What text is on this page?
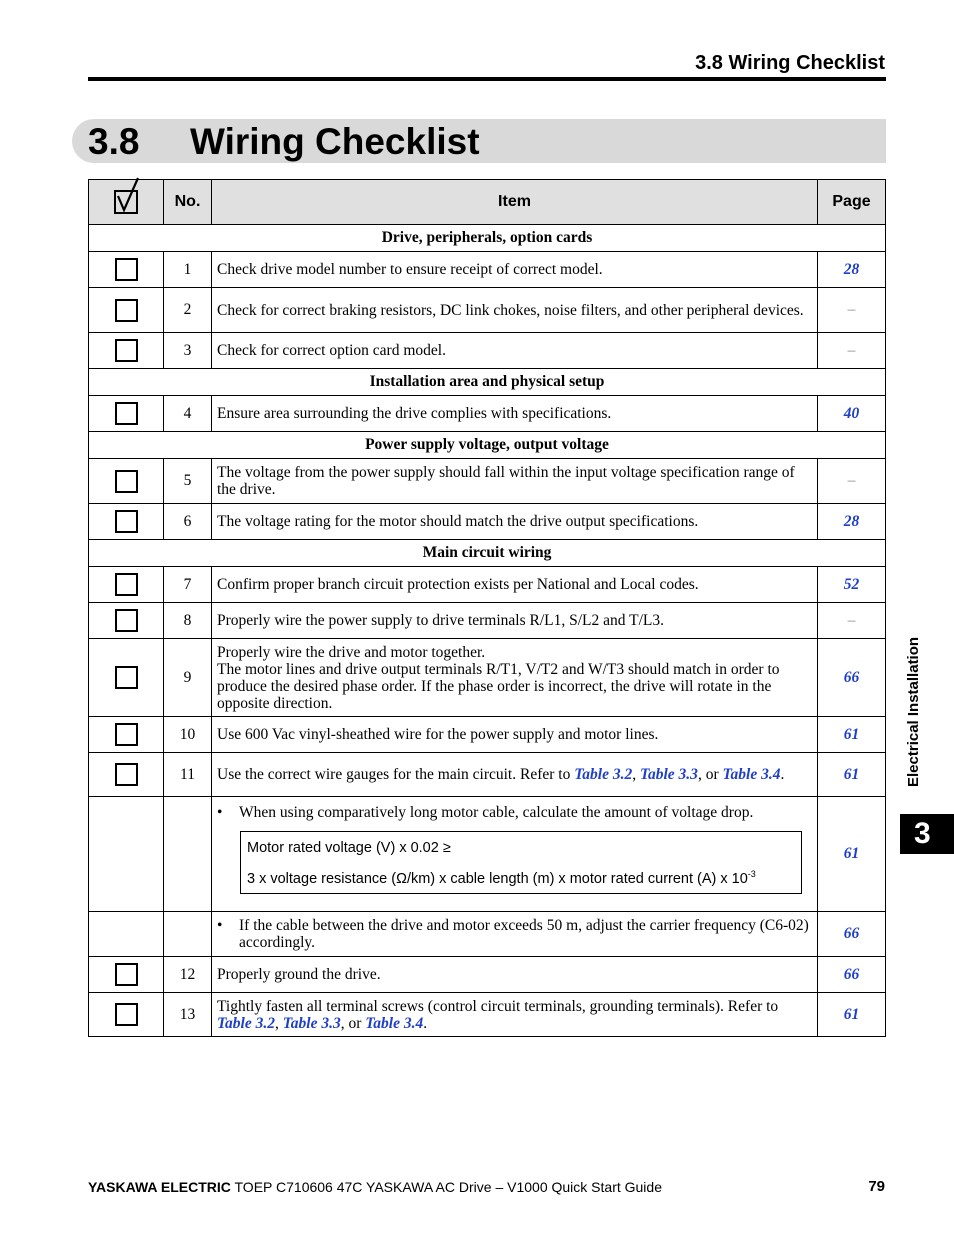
3.8 Wiring Checklist
3.8 Wiring Checklist
	No.	Item	Page
Drive, peripherals, option cards			
	1	Check drive model number to ensure receipt of correct model.	28
	2	Check for correct braking resistors, DC link chokes, noise filters, and other peripheral devices.	–
	3	Check for correct option card model.	–
Installation area and physical setup			
	4	Ensure area surrounding the drive complies with specifications.	40
Power supply voltage, output voltage			
	5	The voltage from the power supply should fall within the input voltage specification range of the drive.	–
	6	The voltage rating for the motor should match the drive output specifications.	28
Main circuit wiring			
	7	Confirm proper branch circuit protection exists per National and Local codes.	52
	8	Properly wire the power supply to drive terminals R/L1, S/L2 and T/L3.	–
	9	Properly wire the drive and motor together.
The motor lines and drive output terminals R/T1, V/T2 and W/T3 should match in order to produce the desired phase order. If the phase order is incorrect, the drive will rotate in the opposite direction.	66
	10	Use 600 Vac vinyl-sheathed wire for the power supply and motor lines.	61
	11	Use the correct wire gauges for the main circuit. Refer to Table 3.2, Table 3.3, or Table 3.4.	61

		• When using comparatively long motor cable, calculate the amount of voltage drop.
Motor rated voltage (V) x 0.02 ≥
3 x voltage resistance (Ω/km) x cable length (m) x motor rated current (A) x $10^{-3}$	61

		• If the cable between the drive and motor exceeds 50 m, adjust the carrier frequency (C6-02) accordingly.	66
	12	Properly ground the drive.	66
	13	Tightly fasten all terminal screws (control circuit terminals, grounding terminals). Refer to Table 3.2, Table 3.3, or Table 3.4.	61
Electrical Installation
3
YASKAWA ELECTRIC TOEP C710606 47C YASKAWA AC Drive – V1000 Quick Start Guide	79
